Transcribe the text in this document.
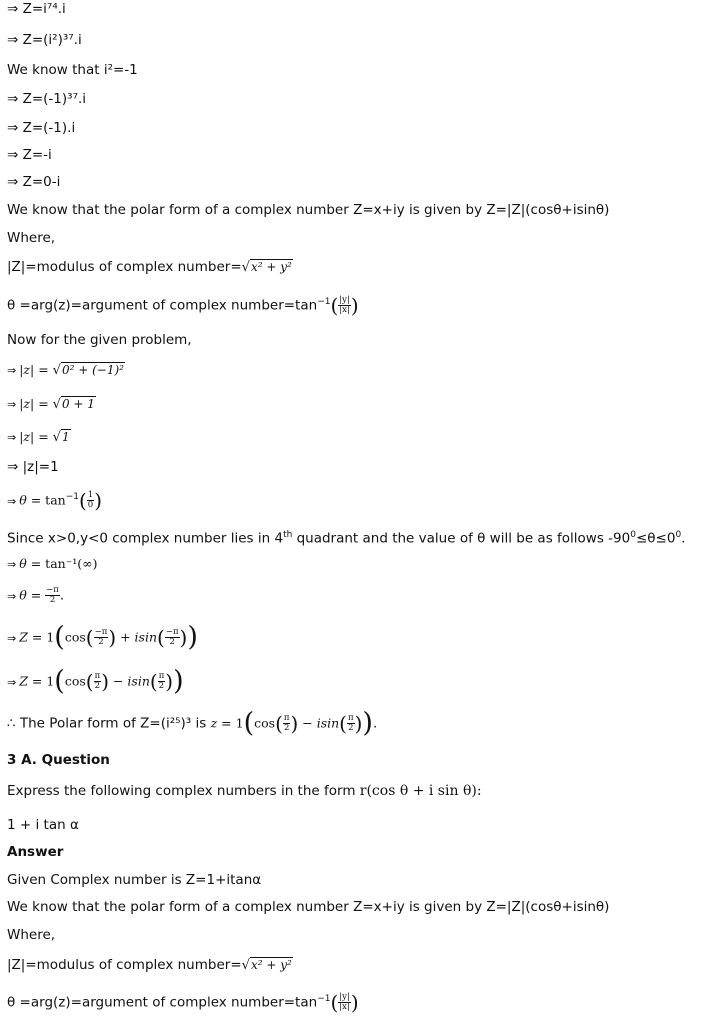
⇒ Z=i⁷⁴.i
⇒ Z=(i²)³⁷.i
We know that i²=-1
⇒ Z=(-1)³⁷.i
⇒ Z=(-1).i
⇒ Z=-i
⇒ Z=0-i
We know that the polar form of a complex number Z=x+iy is given by Z=|Z|(cosθ+isinθ)
Where,
|Z|=modulus of complex number=√x² + y²
θ =arg(z)=argument of complex $number=\tan^{-1}( \frac{|y|}{|x|}$ )
Now for the given problem,
⇒ |z| = √0² + (−1)²
⇒ |z| = √0 + 1
⇒ |z| = √1
⇒ |z|=1
⇒ $\theta = \tan^{-1}( \frac{1}{0}$ )
Since x>0,y<0 complex number lies in 4th quadrant and the value of θ will be as follows $-90^0\le\theta\le 0^0$.
⇒ θ = tan⁻¹(∞)
⇒ $\theta = \frac{-\pi}{2}$ .
⇒ $Z = 1(\cos( \frac{-\pi}{2}$ ) + $isin( \frac{-\pi}{2}$ ))
⇒ $Z = 1(\cos( \frac{\pi}{2}$ ) − $isin( \frac{\pi}{2}$ ))
∴ The Polar form of Z=(i²⁵)³ is $z = 1(\cos( \frac{\pi}{2}$ ) − $isin( \frac{\pi}{2}$ )).
3 A. Question
Express the following complex numbers in the form r(cos θ + i sin θ):
1 + i tan α
Answer
Given Complex number is Z=1+itanα
We know that the polar form of a complex number Z=x+iy is given by Z=|Z|(cosθ+isinθ)
Where,
|Z|=modulus of complex number=√x² + y²
θ =arg(z)=argument of complex $number=\tan^{-1}( \frac{|y|}{|x|}$ )
